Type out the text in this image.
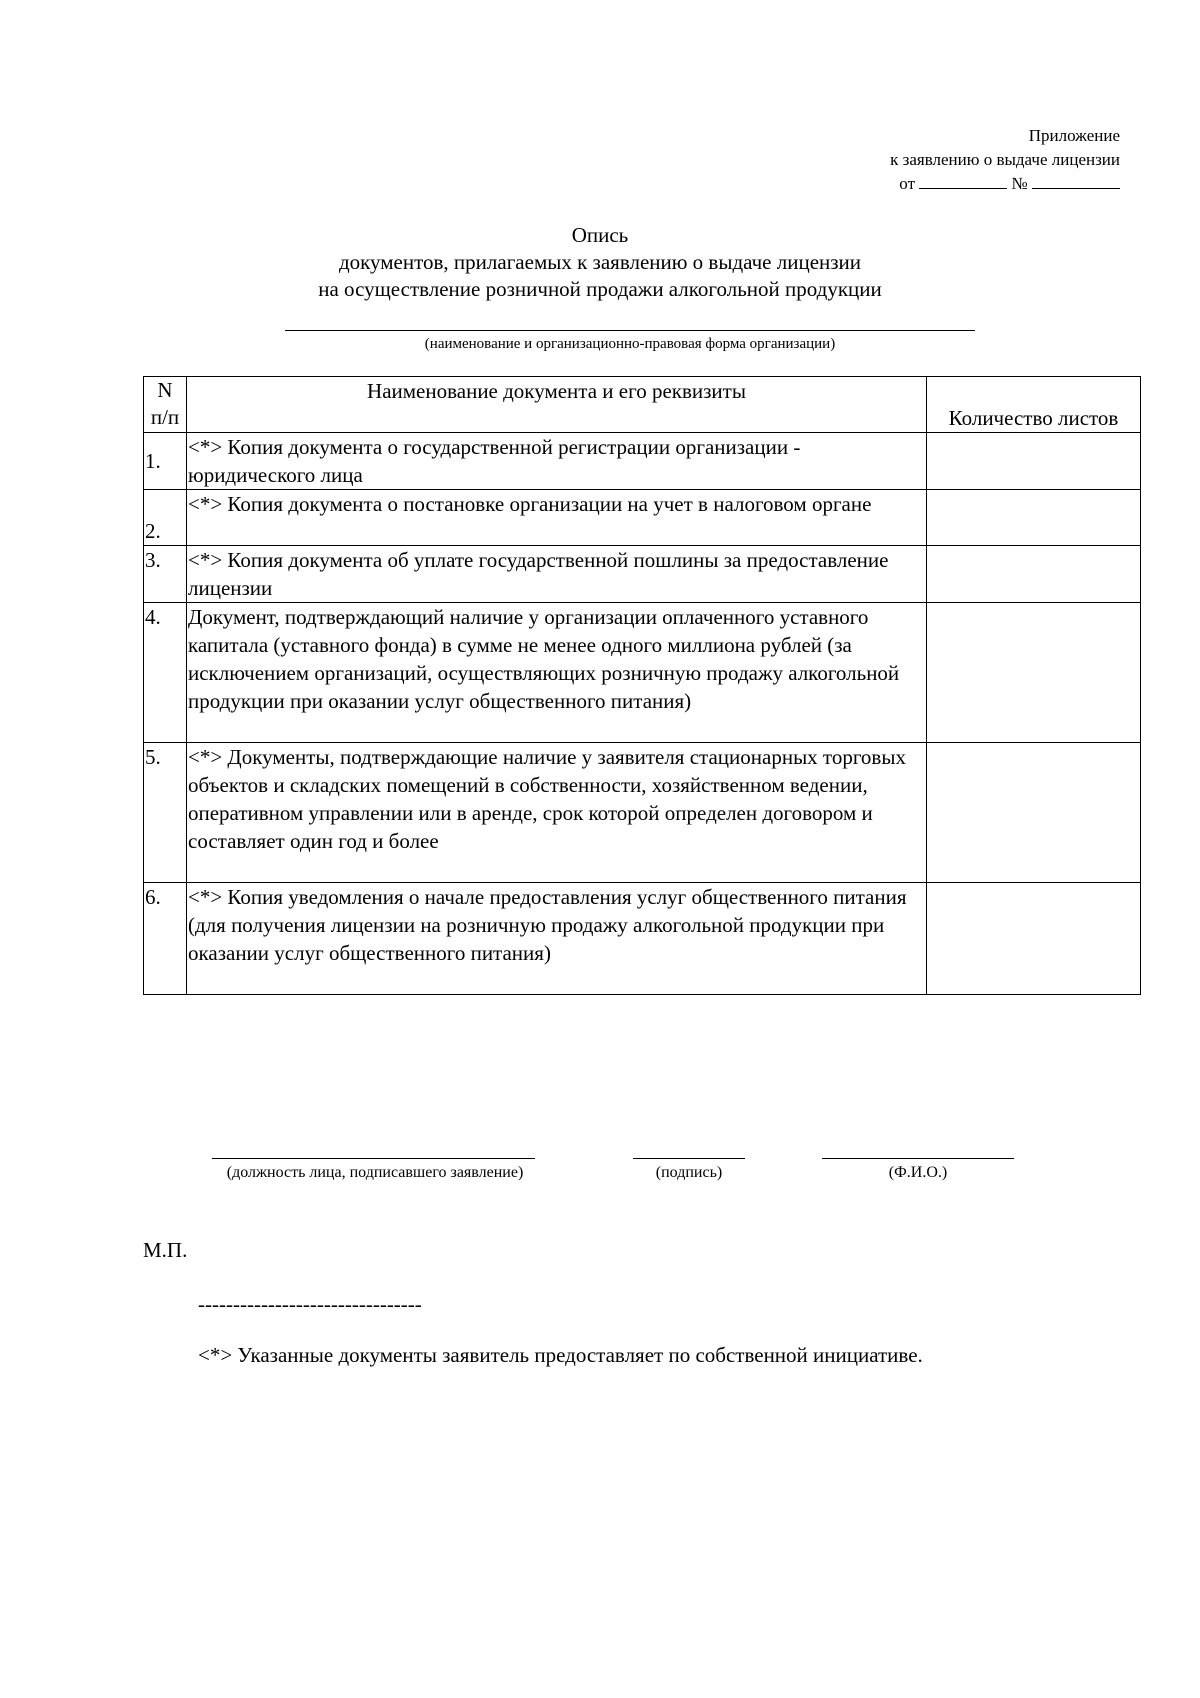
Приложение
к заявлению о выдаче лицензии
от	№
Опись
документов, прилагаемых к заявлению о выдаче лицензии
на осуществление розничной продажи алкогольной продукции
(наименование и организационно-правовая форма организации)
N
п/п	Наименование документа и его реквизиты	Количество листов
1.	<*> Копия документа о государственной регистрации организации - юридического лица	
2.	<*> Копия документа о постановке организации на учет в налоговом органе	
3.	<*> Копия документа об уплате государственной пошлины за предоставление лицензии	
4.	Документ, подтверждающий наличие у организации оплаченного уставного капитала (уставного фонда) в сумме не менее одного миллиона рублей (за исключением организаций, осуществляющих розничную продажу алкогольной продукции при оказании услуг общественного питания)	
5.	<*> Документы, подтверждающие наличие у заявителя стационарных торговых объектов и складских помещений в собственности, хозяйственном ведении, оперативном управлении или в аренде, срок которой определен договором и составляет один год и более	
6.	<*> Копия уведомления о начале предоставления услуг общественного питания (для получения лицензии на розничную продажу алкогольной продукции при оказании услуг общественного питания)	
(должность лица, подписавшего заявление)	(подпись)	(Ф.И.О.)
М.П.
--------------------------------
<*> Указанные документы заявитель предоставляет по собственной инициативе.
